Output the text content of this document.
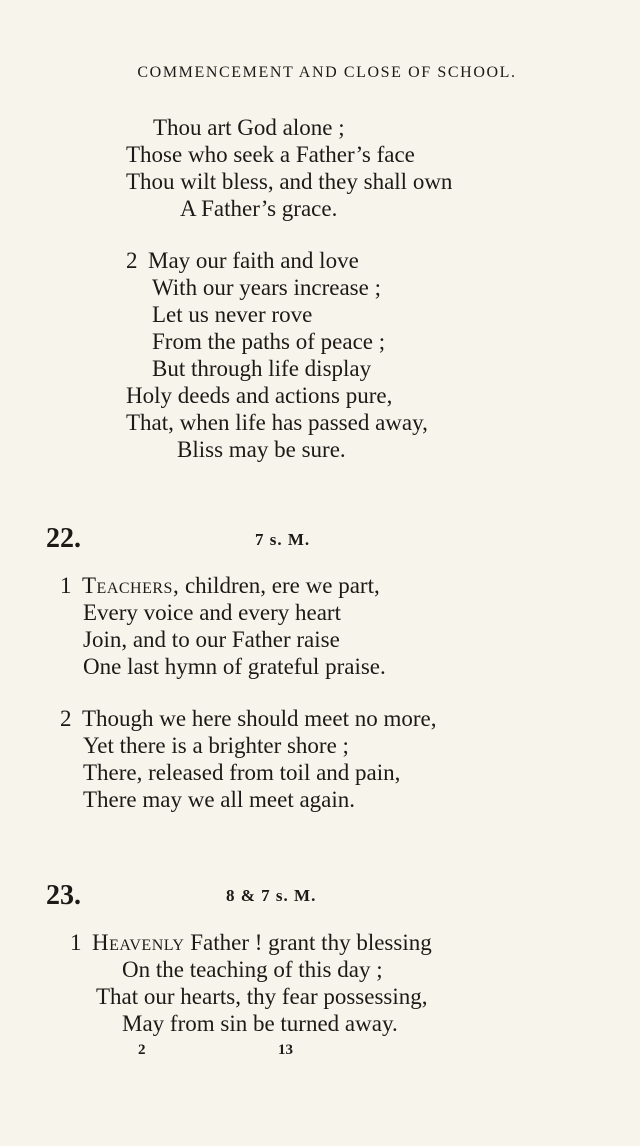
COMMENCEMENT AND CLOSE OF SCHOOL.
Thou art God alone ;
Those who seek a Father’s face
Thou wilt bless, and they shall own
A Father’s grace.
2 May our faith and love
With our years increase ;
Let us never rove
From the paths of peace ;
But through life display
Holy deeds and actions pure,
That, when life has passed away,
Bliss may be sure.
22.	7 s. M.
1 Teachers, children, ere we part,
Every voice and every heart
Join, and to our Father raise
One last hymn of grateful praise.
2 Though we here should meet no more,
Yet there is a brighter shore ;
There, released from toil and pain,
There may we all meet again.
23.	8 & 7 s. M.
1 Heavenly Father ! grant thy blessing
On the teaching of this day ;
That our hearts, thy fear possessing,
May from sin be turned away.
2	13
